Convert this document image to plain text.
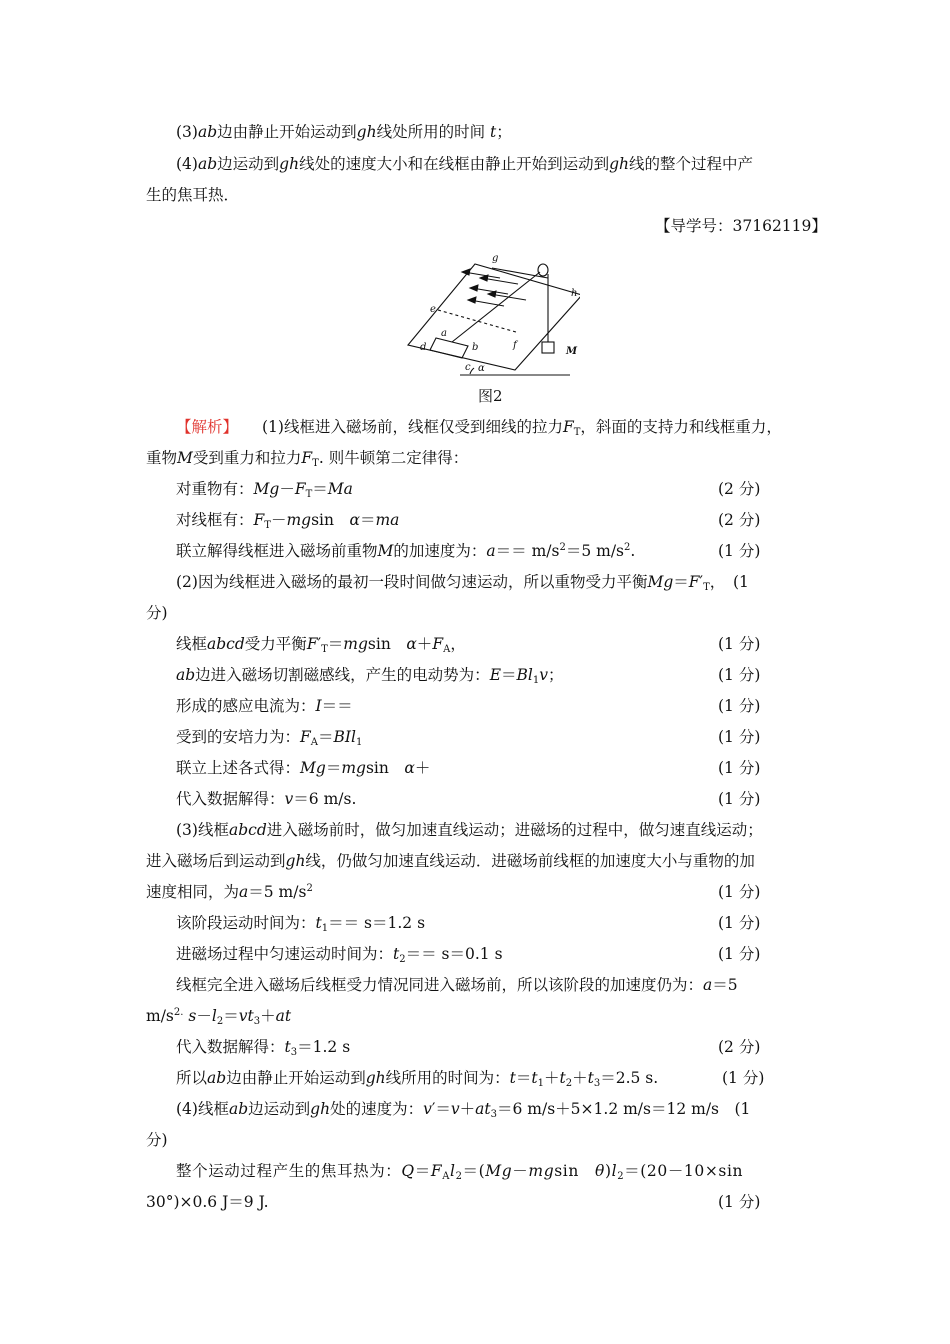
(3)ab边由静止开始运动到gh线处所用的时间 t；
(4)ab边运动到gh线处的速度大小和在线框由静止开始到运动到gh线的整个过程中产
生的焦耳热．
【导学号：37162119】
g
h
e
a
b
d	f
c α
M
图2
【解析】 (1)线框进入磁场前，线框仅受到细线的拉力$F_T$，斜面的支持力和线框重力，
重物M受到重力和拉力$F_T$. 则牛顿第二定律得：
对重物有：$Mg-F_T=Ma$	(2 分)
对线框有：$F_T-mgsin$　α＝ma	(2 分)
联立解得线框进入磁场前重物M的加速度为：$a== m/s^2=5$ $m/s^2$.	(1 分)
(2)因为线框进入磁场的最初一段时间做匀速运动，所以重物受力平衡$Mg=F'_T$，　(1
分)
线框abcd受力平衡$F'_T=mgsin$　$\alpha+F_A$，	(1 分)
ab边进入磁场切割磁感线，产生的电动势为：$E=Bl_1v$；	(1 分)
形成的感应电流为：I＝＝	(1 分)
受到的安培力为：$F_A=BIl_1$	(1 分)
联立上述各式得：Mg＝mgsin　α＋	(1 分)
代入数据解得：v＝6 m/s.	(1 分)
(3)线框abcd进入磁场前时，做匀加速直线运动；进磁场的过程中，做匀速直线运动；
进入磁场后到运动到gh线，仍做匀加速直线运动．进磁场前线框的加速度大小与重物的加
速度相同，为a＝5 $m/s^2$	(1 分)
该阶段运动时间为：$t_1== s=1.2$ s	(1 分)
进磁场过程中匀速运动时间为：$t_2== s=0.1$ s	(1 分)
线框完全进入磁场后线框受力情况同进入磁场前，所以该阶段的加速度仍为：a＝5
$m/s^{2.}$ $s-l_2=vt_3+at$
代入数据解得：$t_3=1.2$ s	(2 分)
所以ab边由静止开始运动到gh线所用的时间为：$t=t_1+t_2+t_3=2.5$ s.	(1 分)
(4)线框ab边运动到gh处的速度为：$v'=v+at_3=6$ m/s＋5×1.2 m/s＝12 m/s　(1
分)
整个运动过程产生的焦耳热为：$Q=F_Al_2=(Mg-mgsin$　$\theta)l_2=(20-10\times\sin$
30°)×0.6 J＝9 J.	(1 分)
